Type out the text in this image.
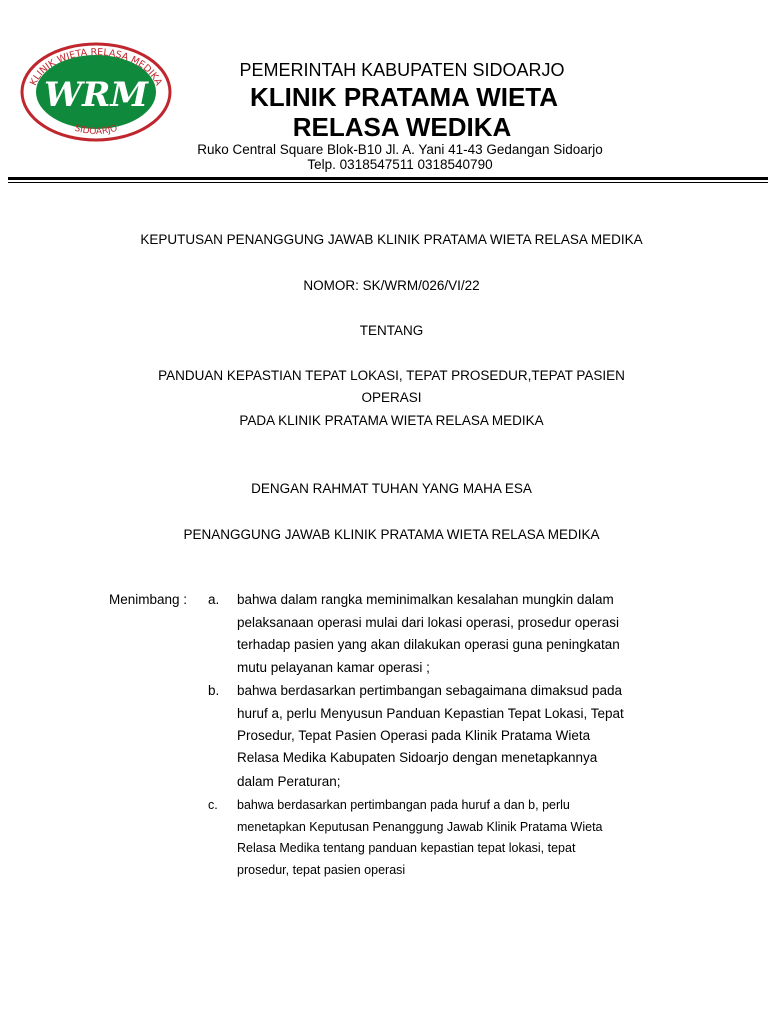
KLINIK WIETA RELASA MEDIKA
SIDOARJO
WRM
PEMERINTAH KABUPATEN SIDOARJO
KLINIK PRATAMA WIETA
RELASA WEDIKA
Ruko Central Square Blok-B10 Jl. A. Yani 41-43 Gedangan Sidoarjo
Telp. 0318547511 0318540790
KEPUTUSAN PENANGGUNG JAWAB KLINIK PRATAMA WIETA RELASA MEDIKA
NOMOR: SK/WRM/026/VI/22
TENTANG
PANDUAN KEPASTIAN TEPAT LOKASI, TEPAT PROSEDUR,TEPAT PASIEN
OPERASI
PADA KLINIK PRATAMA WIETA RELASA MEDIKA
DENGAN RAHMAT TUHAN YANG MAHA ESA
PENANGGUNG JAWAB KLINIK PRATAMA WIETA RELASA MEDIKA
Menimbang : a. bahwa dalam rangka meminimalkan kesalahan mungkin dalam
pelaksanaan operasi mulai dari lokasi operasi, prosedur operasi
terhadap pasien yang akan dilakukan operasi guna peningkatan
mutu pelayanan kamar operasi ;
b. bahwa berdasarkan pertimbangan sebagaimana dimaksud pada
huruf a, perlu Menyusun Panduan Kepastian Tepat Lokasi, Tepat
Prosedur, Tepat Pasien Operasi pada Klinik Pratama Wieta
Relasa Medika Kabupaten Sidoarjo dengan menetapkannya
dalam Peraturan;
c. bahwa berdasarkan pertimbangan pada huruf a dan b, perlu
menetapkan Keputusan Penanggung Jawab Klinik Pratama Wieta
Relasa Medika tentang panduan kepastian tepat lokasi, tepat
prosedur, tepat pasien operasi
